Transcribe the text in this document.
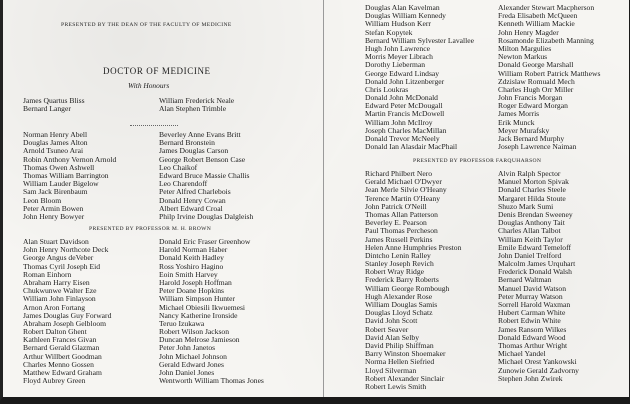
PRESENTED BY THE DEAN OF THE FACULTY OF MEDICINE
DOCTOR OF MEDICINE
With Honours
James Quartus Bliss
Bernard Langer
William Frederick Neale
Alan Stephen Trimble
Norman Henry Abell
Douglas James Alton
Arnold Tsuneo Arai
Robin Anthony Vernon Arnold
Thomas Owen Ashwell
Thomas William Barrington
William Lauder Bigelow
Sam Jack Birenbaum
Leon Bloom
Peter Armin Bowen
John Henry Bowyer
Beverley Anne Evans Britt
Bernard Bronstein
James Douglas Carson
George Robert Benson Case
Leo Chaikof
Edward Bruce Massie Challis
Leo Charendoff
Peter Alfred Charlebois
Donald Henry Cowan
Albert Edward Croal
Philp Irvine Douglas Dalgleish
PRESENTED BY PROFESSOR M. H. BROWN
Alan Stuart Davidson
John Henry Northcote Deck
George Angus deVeber
Thomas Cyril Joseph Eid
Roman Einhorn
Abraham Harry Eisen
Chukwunwe Walter Eze
William John Finlayson
Arnon Aron Fortang
James Douglas Guy Forward
Abraham Joseph Gelbloom
Robert Dalton Ghent
Kathleen Frances Givan
Bernard Gerald Glazman
Arthur Willbert Goodman
Charles Menno Gossen
Matthew Edward Graham
Floyd Aubrey Green
Donald Eric Fraser Greenhow
Harold Norman Haber
Donald Keith Hadley
Ross Yoshiro Hagino
Eoin Smith Harvey
Harold Joseph Hoffman
Peter Doane Hopkins
William Simpson Hunter
Michael Obiesili Ikwuemesi
Nancy Katherine Ironside
Teruo Izukawa
Robert Wilson Jackson
Duncan Melrose Jamieson
Peter John Janetos
John Michael Johnson
Gerald Edward Jones
John Daniel Jones
Wentworth William Thomas Jones
Douglas Alan Kavelman
Douglas William Kennedy
William Hudson Kerr
Stefan Kopytek
Bernard William Sylvester Lavallee
Hugh John Lawrence
Morris Meyer Librach
Dorothy Lieberman
George Edward Lindsay
Donald John Litzenberger
Chris Loukras
Donald John McDonald
Edward Peter McDougall
Martin Francis McDowell
William John McIlroy
Joseph Charles MacMillan
Donald Trevor McNeely
Donald Ian Alasdair MacPhail
Alexander Stewart Macpherson
Freda Elisabeth McQueen
Kenneth William Mackie
John Henry Magder
Rosamonde Elizabeth Manning
Milton Margulies
Newton Markus
Donald George Marshall
William Robert Patrick Matthews
Zdzislaw Romuald Mech
Charles Hugh Orr Miller
John Francis Morgan
Roger Edward Morgan
James Morris
Erik Munck
Meyer Murafsky
Jack Bernard Murphy
Joseph Lawrence Naiman
PRESENTED BY PROFESSOR FARQUHARSON
Richard Philbert Nero
Gerald Michael O'Dwyer
Jean Merle Silvie O'Heany
Terence Martin O'Heany
John Patrick O'Neill
Thomas Allan Patterson
Beverley E. Pearson
Paul Thomas Percheson
James Russell Perkins
Helen Anne Humphries Preston
Dintcho Lenin Ralley
Stanley Joseph Revich
Robert Wray Ridge
Frederick Barry Roberts
William George Rombough
Hugh Alexander Rose
William Douglas Samis
Douglas Lloyd Schatz
David John Scott
Robert Seaver
David Alan Selby
David Philip Shiffman
Barry Winston Shoemaker
Norma Hellen Siefried
Lloyd Silverman
Robert Alexander Sinclair
Robert Lewis Smith
Alvin Ralph Spector
Manuel Morton Spivak
Donald Charles Steele
Margaret Hilda Stoute
Shuzo Mark Sumi
Denis Brendan Sweeney
Douglas Anthony Tait
Charles Allan Talbot
William Keith Taylor
Emile Edward Temeloff
John Daniel Trelford
Malcolm James Urquhart
Frederick Donald Walsh
Bernard Waltman
Manuel David Watson
Peter Murray Watson
Sorrell Harold Waxman
Hubert Carman White
Robert Edwin White
James Ransom Wilkes
Donald Edward Wood
Thomas Arthur Wright
Michael Yandel
Michael Orest Yankowski
Zunowie Gerald Zadvorny
Stephen John Zwirek
